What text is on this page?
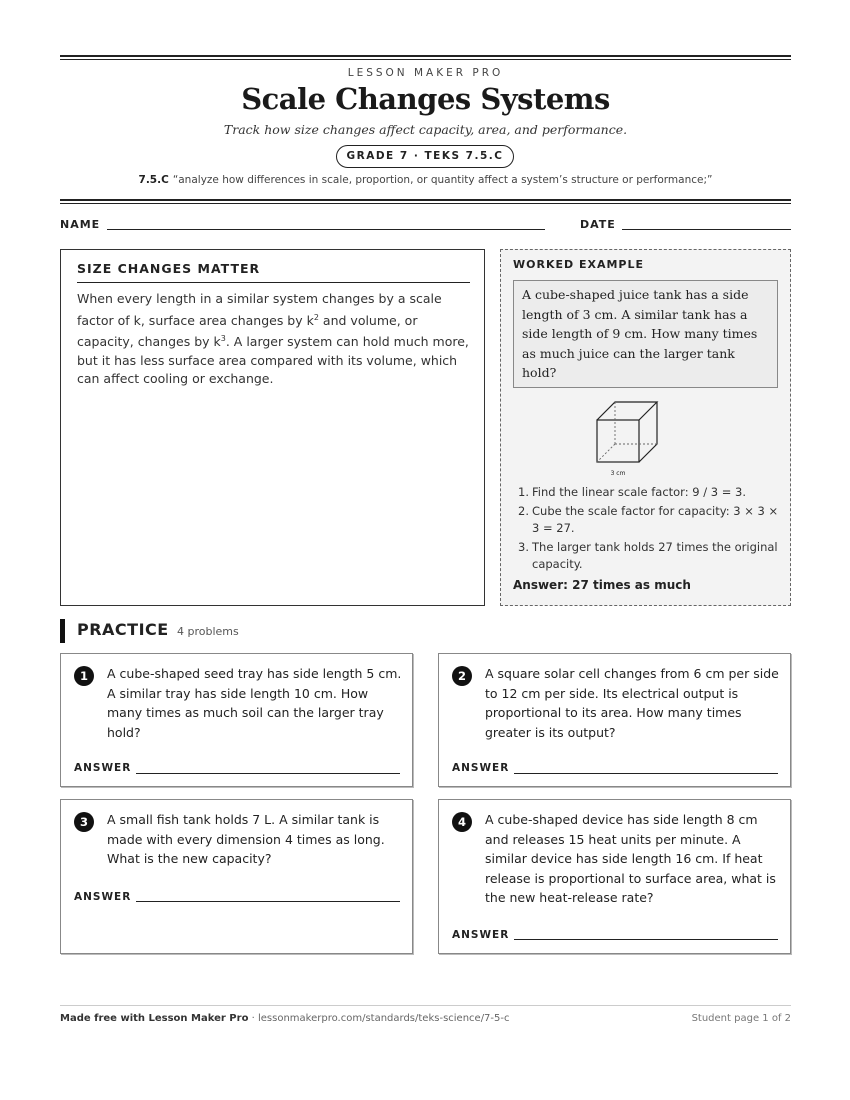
LESSON MAKER PRO
Scale Changes Systems
Track how size changes affect capacity, area, and performance.
GRADE 7 · TEKS 7.5.C
7.5.C “analyze how differences in scale, proportion, or quantity affect a system’s structure or performance;”
NAME	DATE
SIZE CHANGES MATTER
When every length in a similar system changes by a scale factor of k, surface area changes by $k^2$ and volume, or capacity, changes by $k^3$. A larger system can hold much more, but it has less surface area compared with its volume, which can affect cooling or exchange.
WORKED EXAMPLE
A cube-shaped juice tank has a side length of 3 cm. A similar tank has a side length of 9 cm. How many times as much juice can the larger tank hold?
3 cm
1. Find the linear scale factor: 9 / 3 = 3.
2. Cube the scale factor for capacity: 3 × 3 × 3 = 27.
3. The larger tank holds 27 times the original capacity.
Answer: 27 times as much
PRACTICE 4 problems
1	A cube-shaped seed tray has side length 5 cm. A similar tray has side length 10 cm. How many times as much soil can the larger tray hold?
ANSWER
2	A square solar cell changes from 6 cm per side to 12 cm per side. Its electrical output is proportional to its area. How many times greater is its output?
ANSWER
3	A small fish tank holds 7 L. A similar tank is made with every dimension 4 times as long. What is the new capacity?
ANSWER
4	A cube-shaped device has side length 8 cm and releases 15 heat units per minute. A similar device has side length 16 cm. If heat release is proportional to surface area, what is the new heat-release rate?
ANSWER
Made free with Lesson Maker Pro · lessonmakerpro.com/standards/teks-science/7-5-c	Student page 1 of 2
